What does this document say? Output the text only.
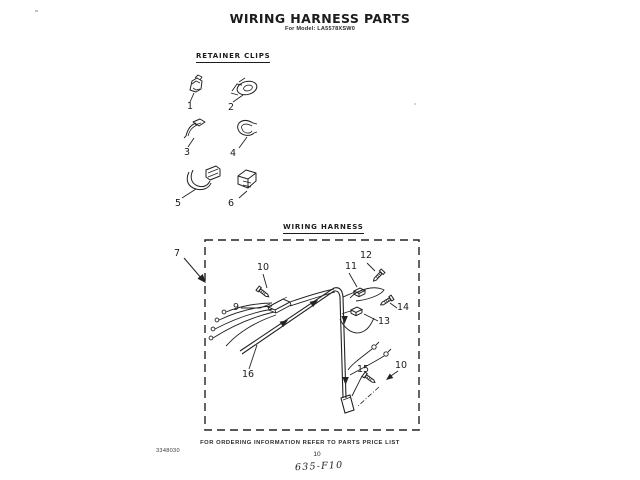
WIRING HARNESS PARTS
For Model: LA5578XSW0
RETAINER CLIPS
WIRING HARNESS
1	2
3	4
5	6
7
10	11
12
9	14
13
16	15	10
FOR ORDERING INFORMATION REFER TO PARTS PRICE LIST
10
3348030
635-F10
